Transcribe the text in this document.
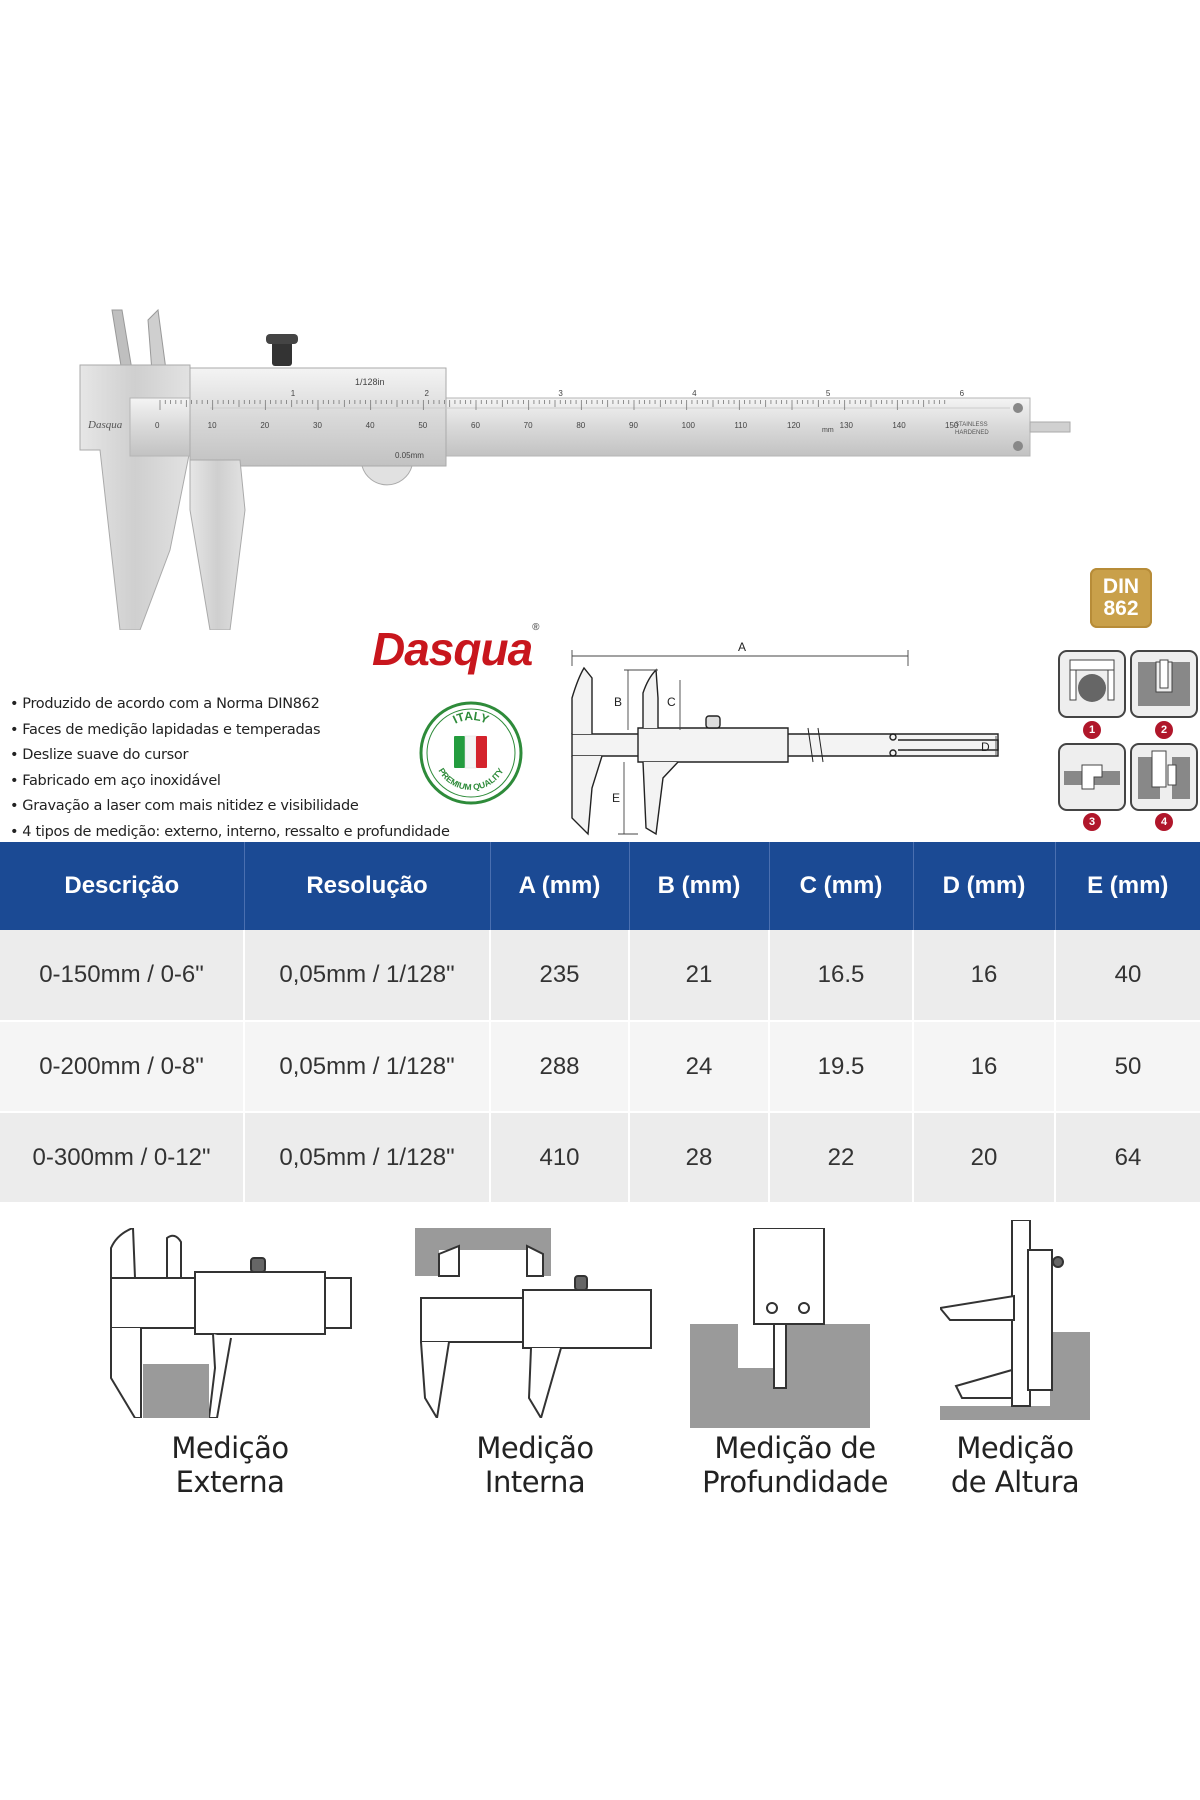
0	10	20	30	40	50	60	70	80	90	100	110	120	130	140	150
1	2	3	4	5	6
Dasqua
1/128in
0.05mm
STAINLESS
HARDENED
mm
Dasqua®
DIN
862
• Produzido de acordo com a Norma DIN862
• Faces de medição lapidadas e temperadas
• Deslize suave do cursor
• Fabricado em aço inoxidável
• Gravação a laser com mais nitidez e visibilidade
• 4 tipos de medição: externo, interno, ressalto e profundidade
ITALY
PREMIUM QUALITY
A
B	C
D
E
1	2
3	4
Descrição	Resolução	A (mm)	B (mm)	C (mm)	D (mm)	E (mm)
0-150mm / 0-6"	0,05mm / 1/128"	235	21	16.5	16	40
0-200mm / 0-8"	0,05mm / 1/128"	288	24	19.5	16	50
0-300mm / 0-12"	0,05mm / 1/128"	410	28	22	20	64
Medição
Externa
Medição
Interna
Medição de
Profundidade
Medição
de Altura
